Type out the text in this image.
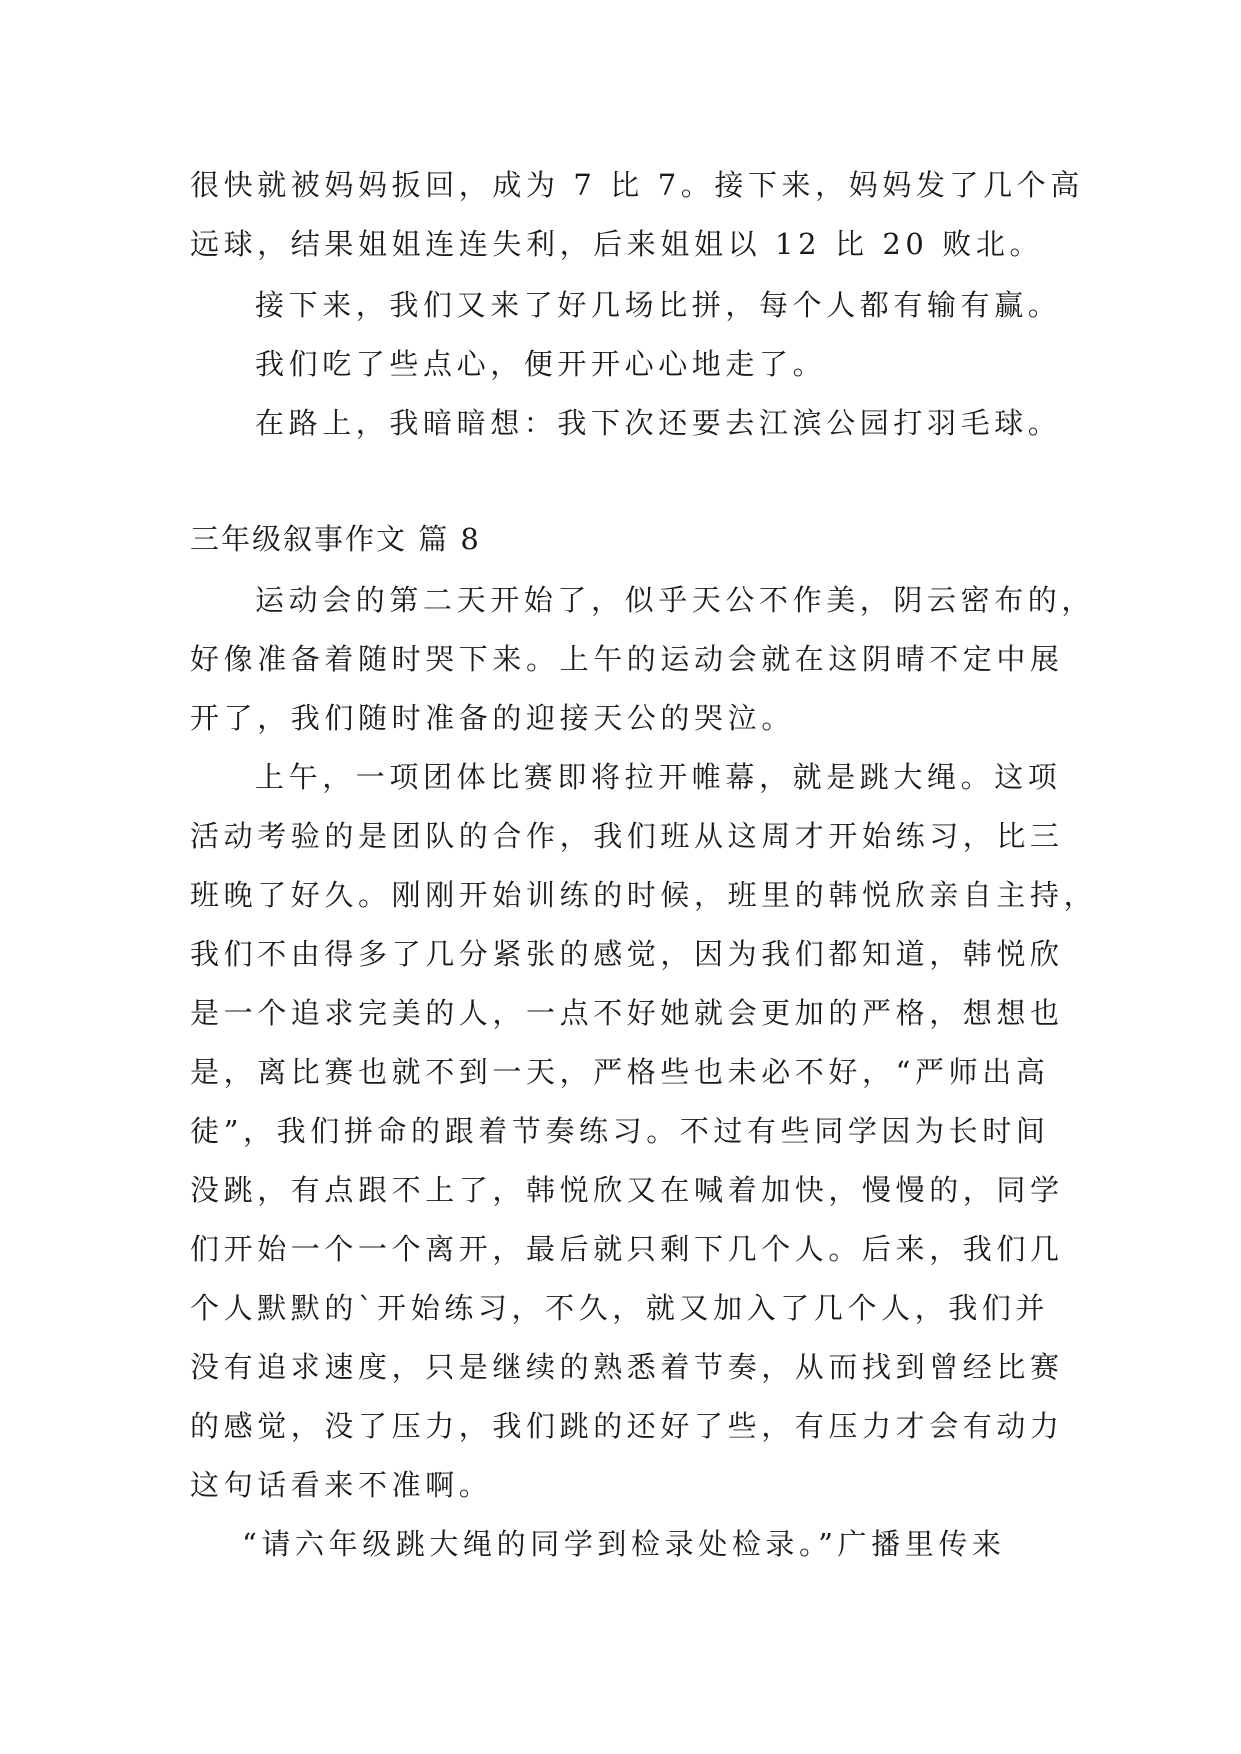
很快就被妈妈扳回，成为 7 比 7。接下来，妈妈发了几个高

远球，结果姐姐连连失利，后来姐姐以 12 比 20 败北。

接下来，我们又来了好几场比拼，每个人都有输有赢。

我们吃了些点心，便开开心心地走了。

在路上，我暗暗想：我下次还要去江滨公园打羽毛球。

三年级叙事作文 篇 8

运动会的第二天开始了，似乎天公不作美，阴云密布的，

好像准备着随时哭下来。上午的运动会就在这阴晴不定中展

开了，我们随时准备的迎接天公的哭泣。

上午，一项团体比赛即将拉开帷幕，就是跳大绳。这项

活动考验的是团队的合作，我们班从这周才开始练习，比三

班晚了好久。刚刚开始训练的时候，班里的韩悦欣亲自主持，

我们不由得多了几分紧张的感觉，因为我们都知道，韩悦欣

是一个追求完美的人，一点不好她就会更加的严格，想想也

是，离比赛也就不到一天，严格些也未必不好，“严师出高

徒”，我们拼命的跟着节奏练习。不过有些同学因为长时间

没跳，有点跟不上了，韩悦欣又在喊着加快，慢慢的，同学

们开始一个一个离开，最后就只剩下几个人。后来，我们几

个人默默的`开始练习，不久，就又加入了几个人，我们并

没有追求速度，只是继续的熟悉着节奏，从而找到曾经比赛

的感觉，没了压力，我们跳的还好了些，有压力才会有动力

这句话看来不准啊。

“请六年级跳大绳的同学到检录处检录。”广播里传来
